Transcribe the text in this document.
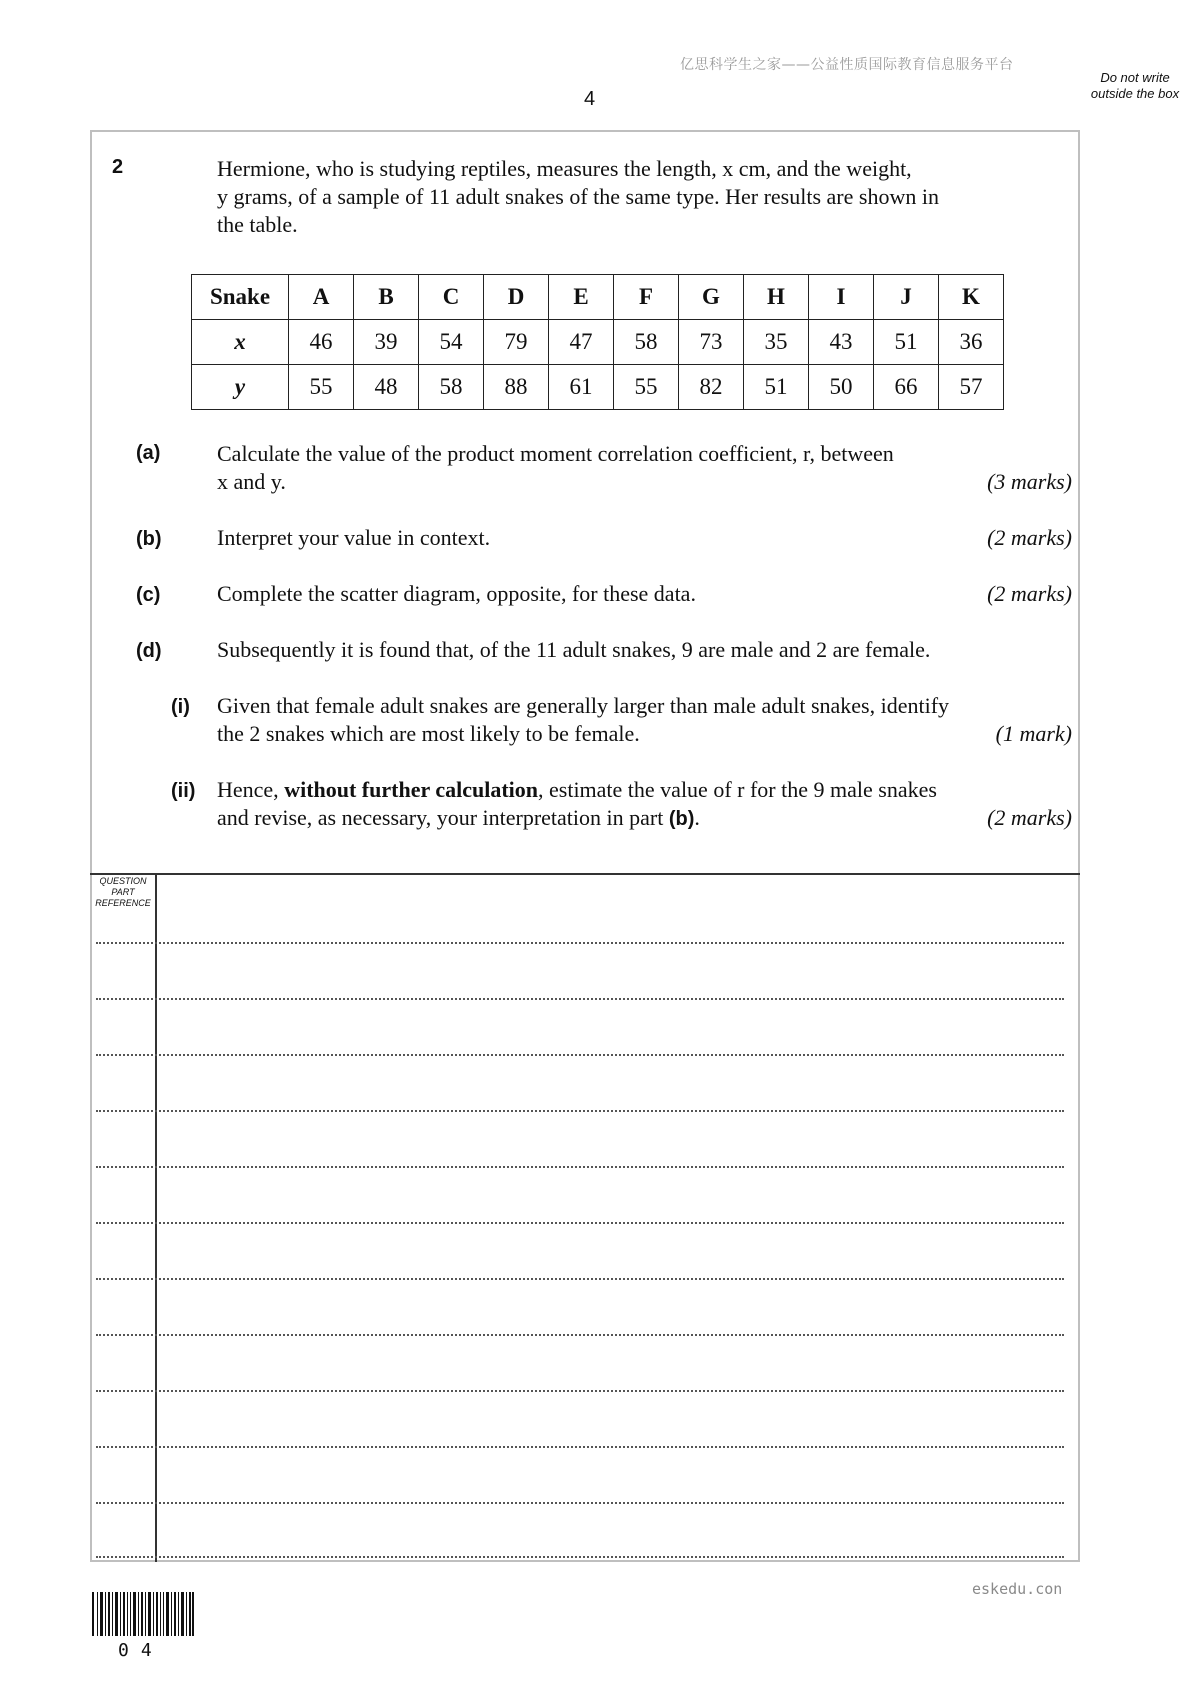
亿思科学生之家——公益性质国际教育信息服务平台
4
Do not write outside the box
2	Hermione, who is studying reptiles, measures the length, x cm, and the weight,
y grams, of a sample of 11 adult snakes of the same type. Her results are shown in
the table.
Snake	A	B	C	D	E	F	G	H	I	J	K
x	46	39	54	79	47	58	73	35	43	51	36
y	55	48	58	88	61	55	82	51	50	66	57
(a)	Calculate the value of the product moment correlation coefficient, r, between
x and y.	(3 marks)
(b)	Interpret your value in context.	(2 marks)
(c)	Complete the scatter diagram, opposite, for these data.	(2 marks)
(d)	Subsequently it is found that, of the 11 adult snakes, 9 are male and 2 are female.
(i) Given that female adult snakes are generally larger than male adult snakes, identify
the 2 snakes which are most likely to be female.	(1 mark)
(ii) Hence, without further calculation, estimate the value of r for the 9 male snakes
and revise, as necessary, your interpretation in part (b).	(2 marks)
QUESTION PART REFERENCE
eskedu.con
04
